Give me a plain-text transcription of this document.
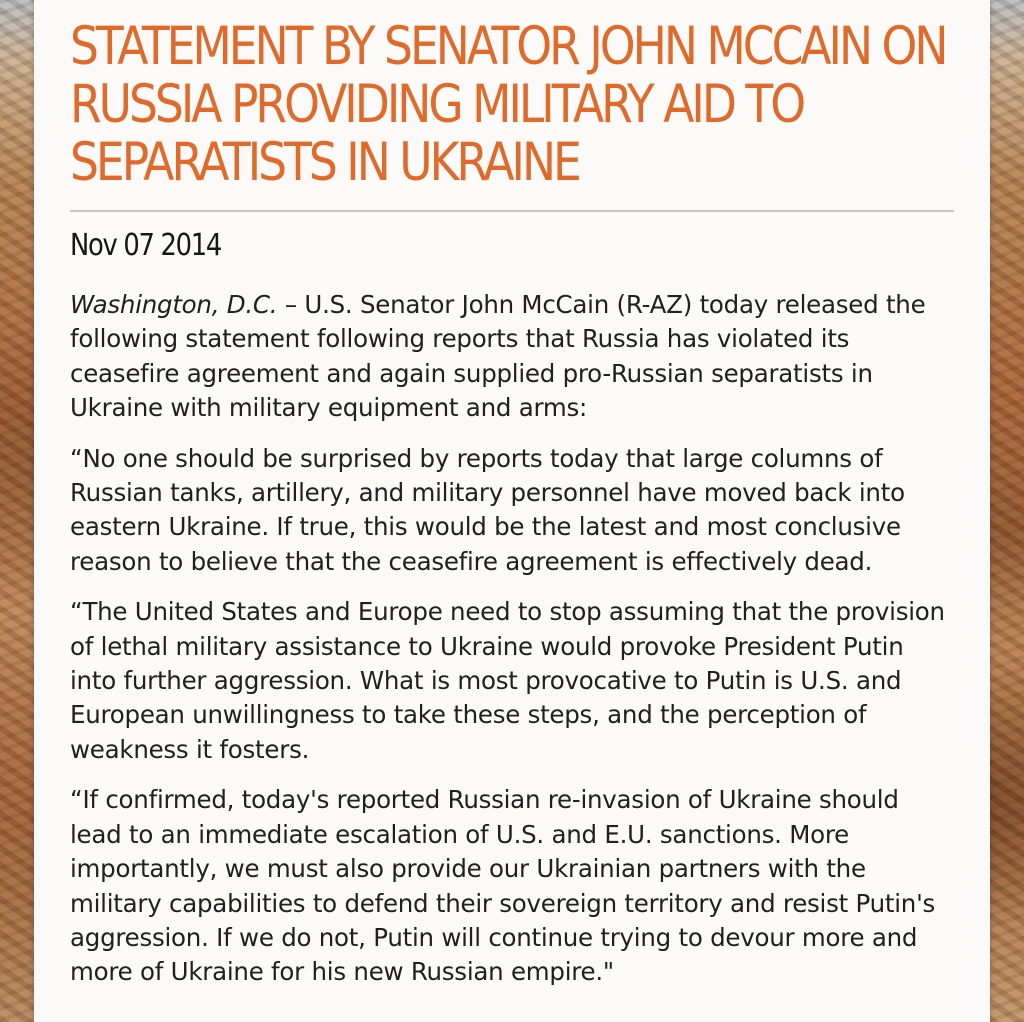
STATEMENT BY SENATOR JOHN MCCAIN ON RUSSIA PROVIDING MILITARY AID TO SEPARATISTS IN UKRAINE
Nov 07 2014

Washington, D.C. – U.S. Senator John McCain (R-AZ) today released the following statement following reports that Russia has violated its ceasefire agreement and again supplied pro-Russian separatists in Ukraine with military equipment and arms:

“No one should be surprised by reports today that large columns of Russian tanks, artillery, and military personnel have moved back into eastern Ukraine. If true, this would be the latest and most conclusive reason to believe that the ceasefire agreement is effectively dead.

“The United States and Europe need to stop assuming that the provision of lethal military assistance to Ukraine would provoke President Putin into further aggression. What is most provocative to Putin is U.S. and European unwillingness to take these steps, and the perception of weakness it fosters.

“If confirmed, today's reported Russian re-invasion of Ukraine should lead to an immediate escalation of U.S. and E.U. sanctions. More importantly, we must also provide our Ukrainian partners with the military capabilities to defend their sovereign territory and resist Putin's aggression. If we do not, Putin will continue trying to devour more and more of Ukraine for his new Russian empire."
